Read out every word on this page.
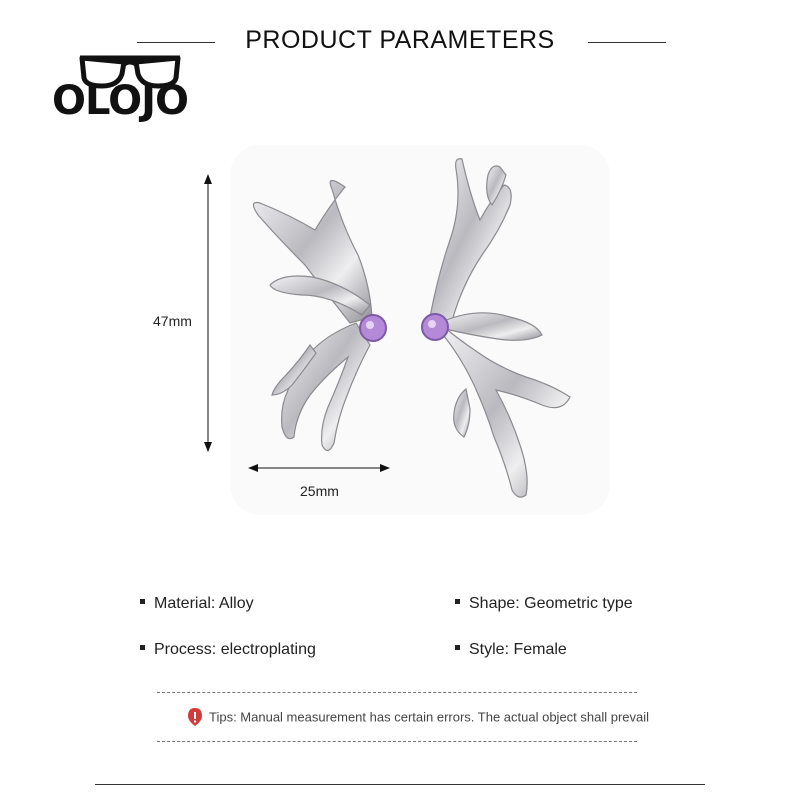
PRODUCT PARAMETERS
OLOJO
47mm
25mm
Material: Alloy	Shape: Geometric type
Process: electroplating	Style: Female
Tips: Manual measurement has certain errors. The actual object shall prevail
